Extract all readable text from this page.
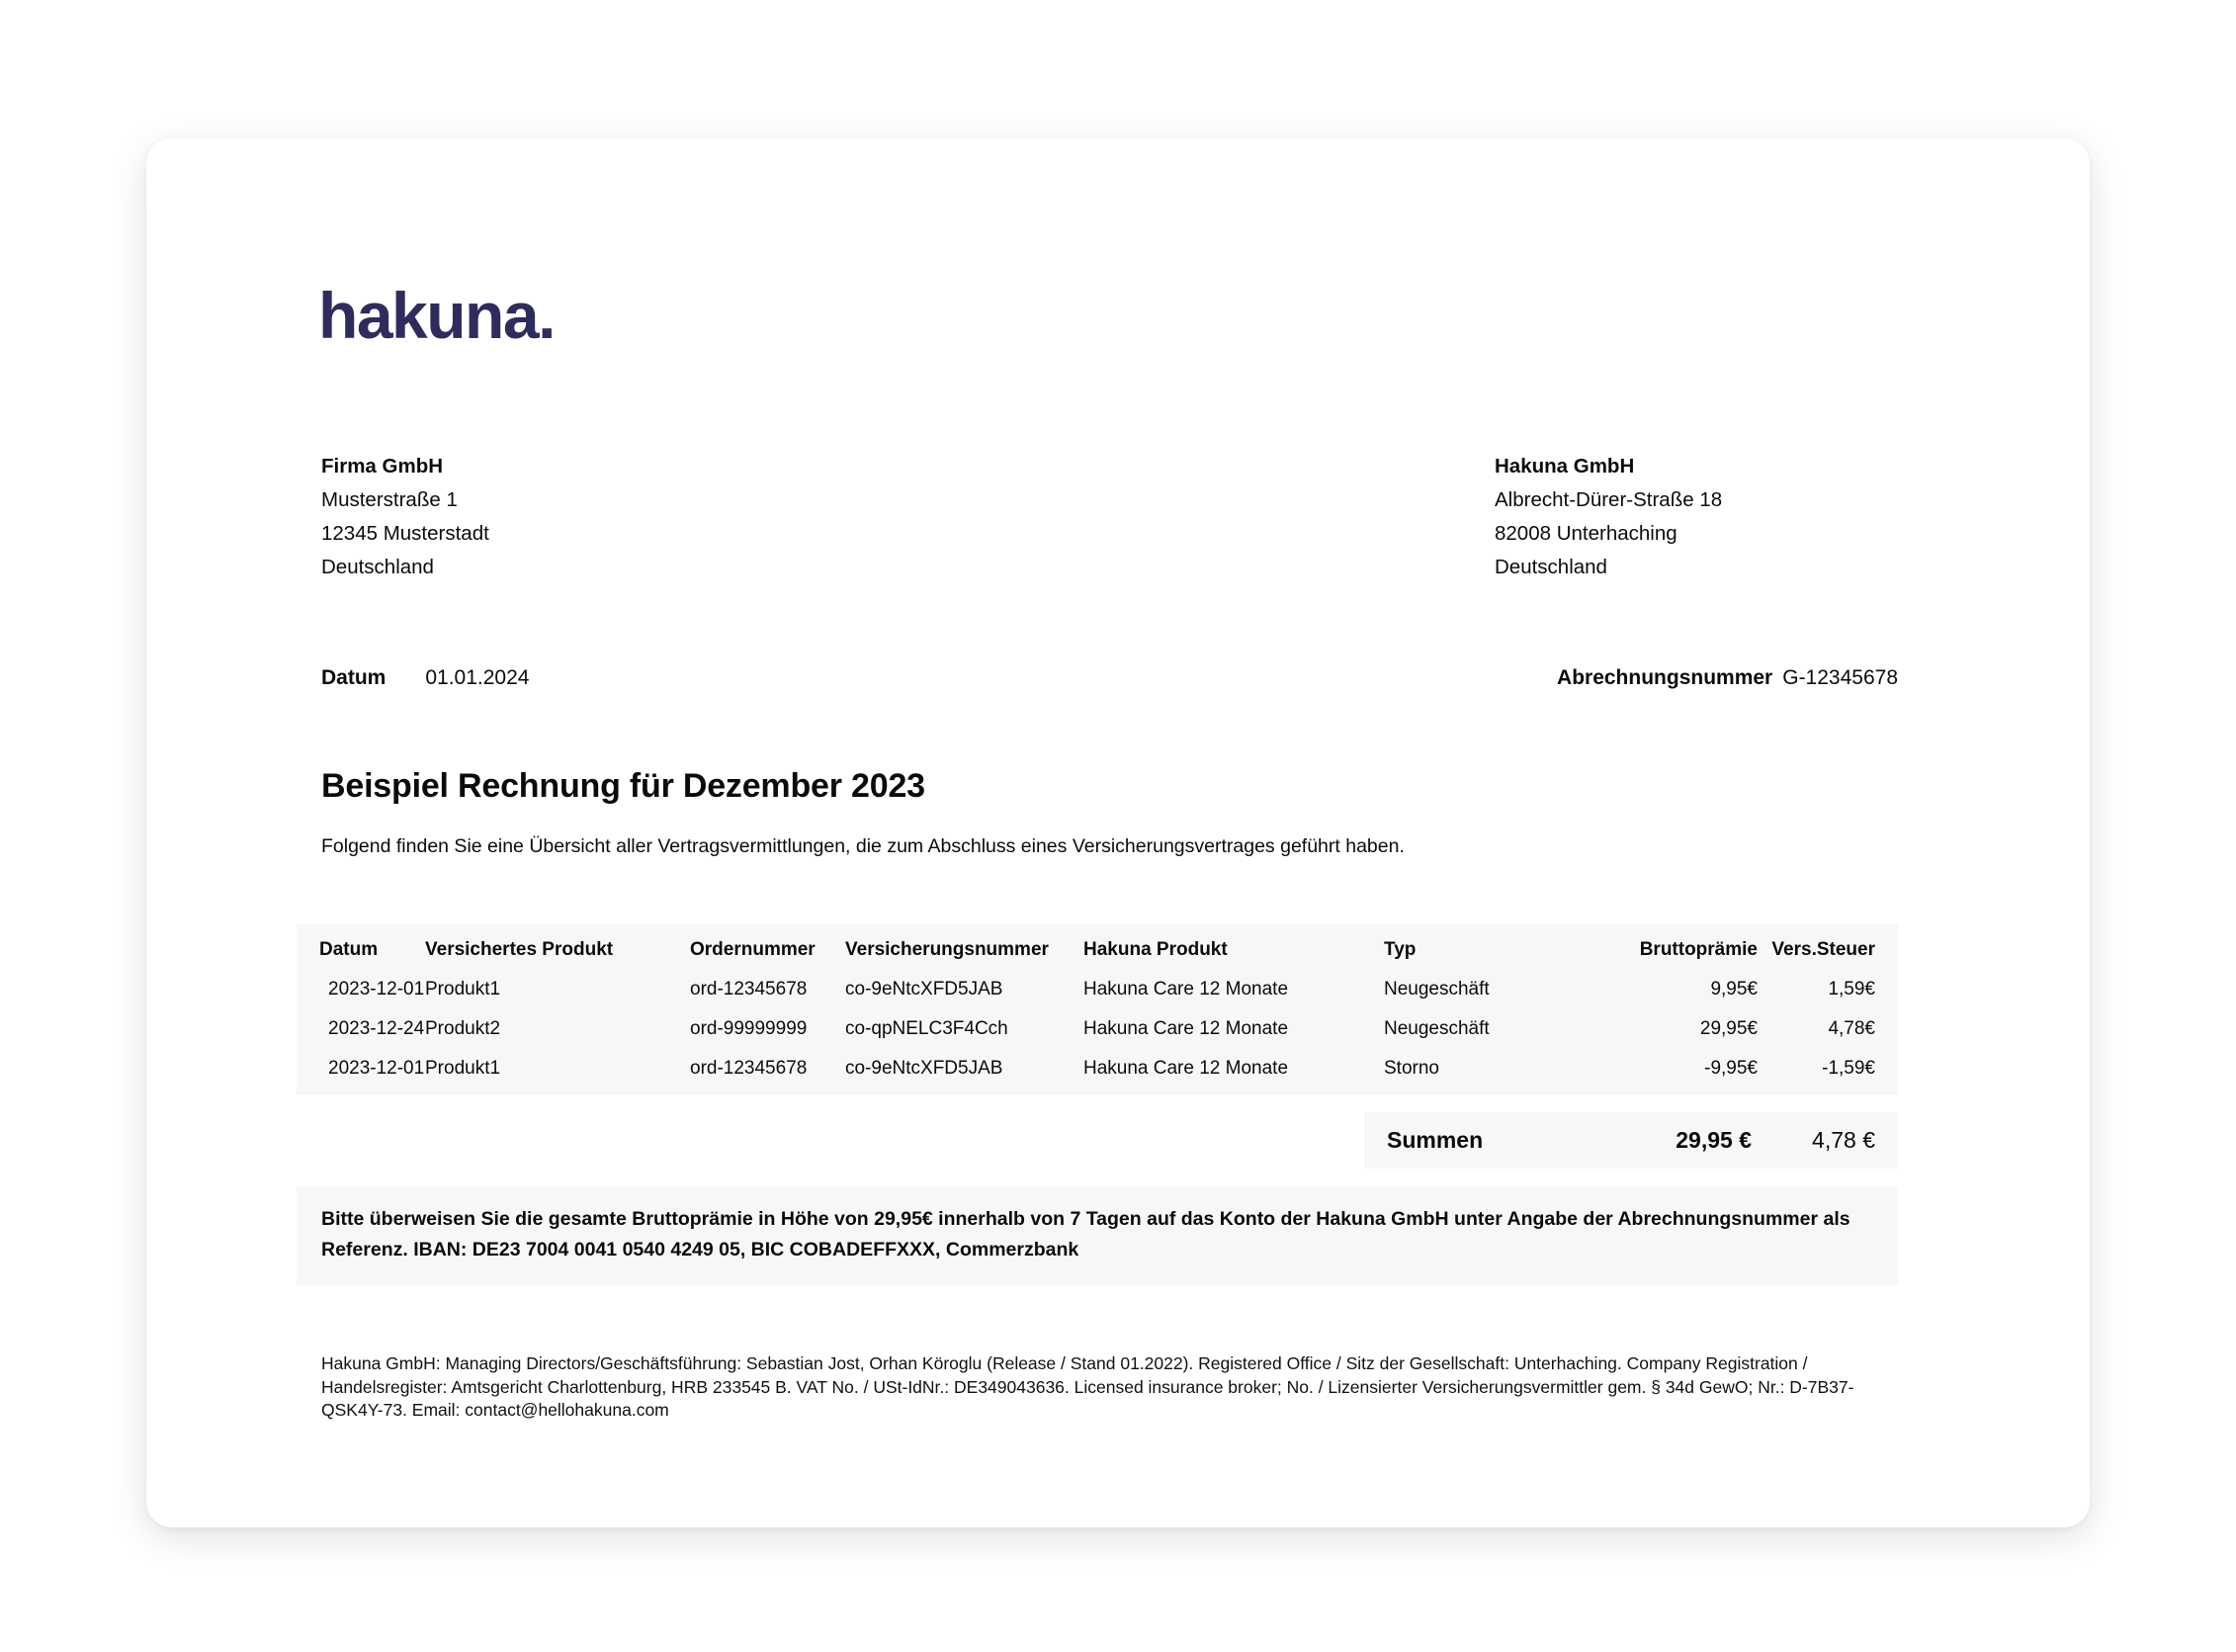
hakuna.
Firma GmbH
Musterstraße 1
12345 Musterstadt
Deutschland
Hakuna GmbH
Albrecht-Dürer-Straße 18
82008 Unterhaching
Deutschland
Datum 01.01.2024	Abrechnungsnummer G-12345678
Beispiel Rechnung für Dezember 2023
Folgend finden Sie eine Übersicht aller Vertragsvermittlungen, die zum Abschluss eines Versicherungsvertrages geführt haben.
Datum	Versichertes Produkt	Ordernummer	Versicherungsnummer	Hakuna Produkt	Typ	Bruttoprämie Vers.Steuer
2023-12-01 Produkt1	ord-12345678	co-9eNtcXFD5JAB	Hakuna Care 12 Monate	Neugeschäft	9,95€	1,59€
2023-12-24 Produkt2	ord-99999999	co-qpNELC3F4Cch	Hakuna Care 12 Monate	Neugeschäft	29,95€	4,78€
2023-12-01 Produkt1	ord-12345678	co-9eNtcXFD5JAB	Hakuna Care 12 Monate	Storno	-9,95€	-1,59€
Summen	29,95 €	4,78 €
Bitte überweisen Sie die gesamte Bruttoprämie in Höhe von 29,95€ innerhalb von 7 Tagen auf das Konto der Hakuna GmbH unter Angabe der Abrechnungsnummer als Referenz. IBAN: DE23 7004 0041 0540 4249 05, BIC COBADEFFXXX, Commerzbank
Hakuna GmbH: Managing Directors/Geschäftsführung: Sebastian Jost, Orhan Köroglu (Release / Stand 01.2022). Registered Office / Sitz der Gesellschaft: Unterhaching. Company Registration / Handelsregister: Amtsgericht Charlottenburg, HRB 233545 B. VAT No. / USt-IdNr.: DE349043636. Licensed insurance broker; No. / Lizensierter Versicherungsvermittler gem. § 34d GewO; Nr.: D-7B37-QSK4Y-73. Email: contact@hellohakuna.com
